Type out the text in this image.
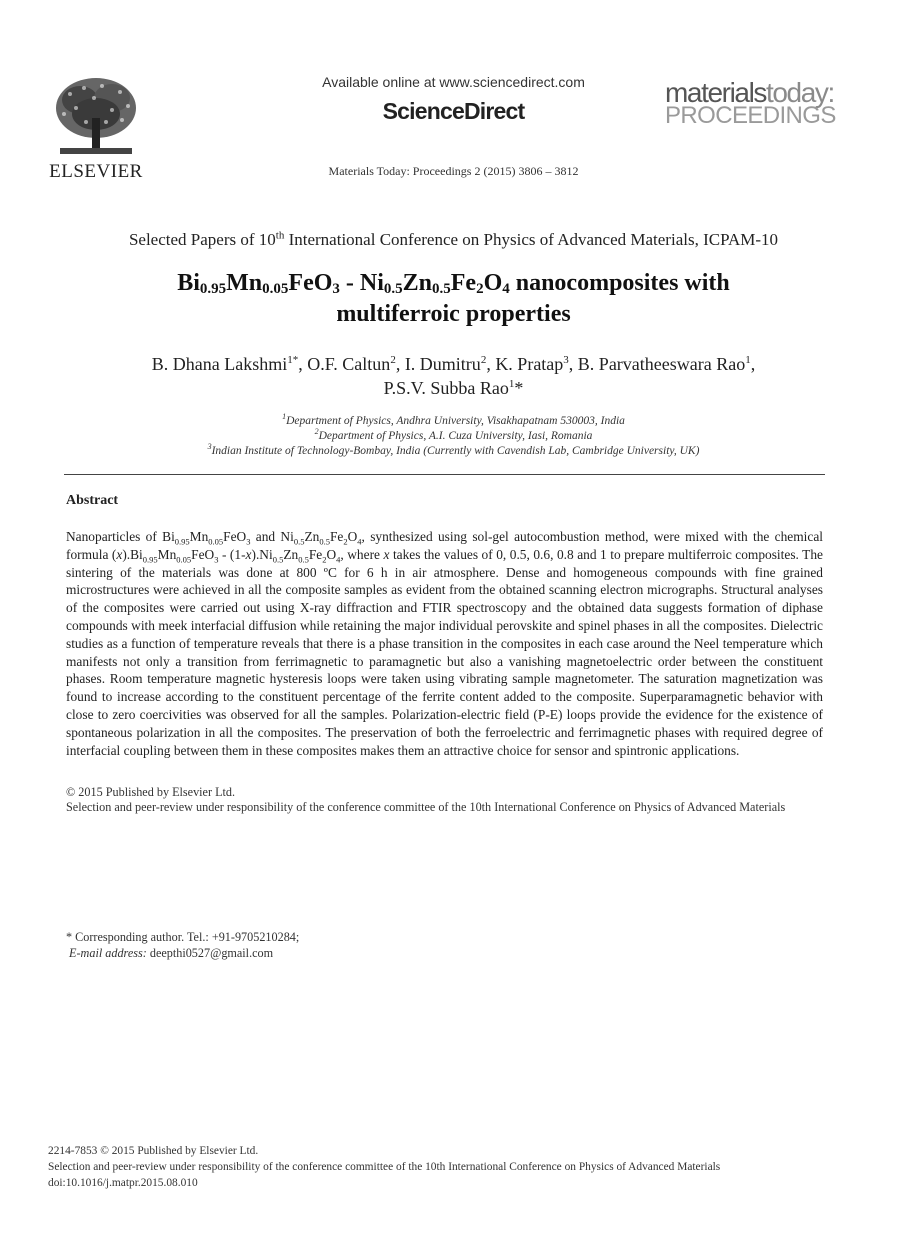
ELSEVIER
Available online at www.sciencedirect.com
ScienceDirect
Materials Today: Proceedings 2 (2015) 3806 – 3812
materialstoday:
PROCEEDINGS
Selected Papers of 10th International Conference on Physics of Advanced Materials, ICPAM-10
$Bi_{0.95}Mn_{0.05}FeO_3 - Ni_{0.5}Zn_{0.5}Fe_2O_4$ nanocomposites with
multiferroic properties
B. Dhana Lakshmi$^{1*}$, O.F. Caltun$^2$, I. Dumitru$^2$, K. Pratap$^3$, B. Parvatheeswara Rao$^1$,
P.S.V. Subba Rao$^1$*
$^1$Department of Physics, Andhra University, Visakhapatnam 530003, India
$^2$Department of Physics, A.I. Cuza University, Iasi, Romania
$^3$Indian Institute of Technology-Bombay, India (Currently with Cavendish Lab, Cambridge University, UK)
Abstract
Nanoparticles of $Bi_{0.95}Mn_{0.05}FeO_3$ and $Ni_{0.5}Zn_{0.5}Fe_2O_4$, synthesized using sol-gel autocombustion method, were mixed with the chemical formula $(x).Bi_{0.95}Mn_{0.05}FeO_3 - (1-x).Ni_{0.5}Zn_{0.5}Fe_2O_4$, where x takes the values of 0, 0.5, 0.6, 0.8 and 1 to prepare multiferroic composites. The sintering of the materials was done at 800 ºC for 6 h in air atmosphere. Dense and homogeneous compounds with fine grained microstructures were achieved in all the composite samples as evident from the obtained scanning electron micrographs. Structural analyses of the composites were carried out using X-ray diffraction and FTIR spectroscopy and the obtained data suggests formation of diphase compounds with meek interfacial diffusion while retaining the major individual perovskite and spinel phases in all the composites. Dielectric studies as a function of temperature reveals that there is a phase transition in the composites in each case around the Neel temperature which manifests not only a transition from ferrimagnetic to paramagnetic but also a vanishing magnetoelectric order between the constituent phases. Room temperature magnetic hysteresis loops were taken using vibrating sample magnetometer. The saturation magnetization was found to increase according to the constituent percentage of the ferrite content added to the composite. Superparamagnetic behavior with close to zero coercivities was observed for all the samples. Polarization-electric field (P-E) loops provide the evidence for the existence of spontaneous polarization in all the composites. The preservation of both the ferroelectric and ferrimagnetic phases with required degree of interfacial coupling between them in these composites makes them an attractive choice for sensor and spintronic applications.
© 2015 Published by Elsevier Ltd.
Selection and peer-review under responsibility of the conference committee of the 10th International Conference on Physics of Advanced Materials
* Corresponding author. Tel.: +91-9705210284;
E-mail address: deepthi0527@gmail.com
2214-7853 © 2015 Published by Elsevier Ltd.
Selection and peer-review under responsibility of the conference committee of the 10th International Conference on Physics of Advanced Materials
doi:10.1016/j.matpr.2015.08.010
